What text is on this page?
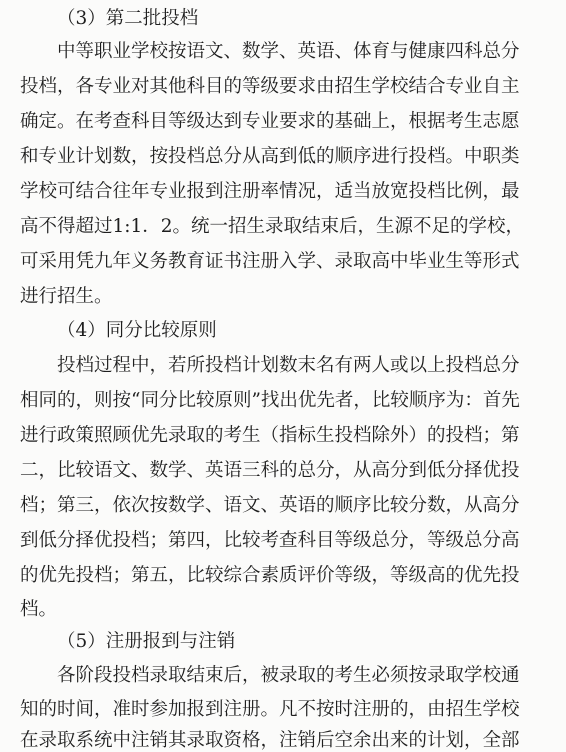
（3）第二批投档
中等职业学校按语文、数学、英语、体育与健康四科总分
投档，各专业对其他科目的等级要求由招生学校结合专业自主
确定。在考查科目等级达到专业要求的基础上，根据考生志愿
和专业计划数，按投档总分从高到低的顺序进行投档。中职类
学校可结合往年专业报到注册率情况，适当放宽投档比例，最
高不得超过1:1．2。统一招生录取结束后，生源不足的学校，
可采用凭九年义务教育证书注册入学、录取高中毕业生等形式
进行招生。
（4）同分比较原则
投档过程中，若所投档计划数末名有两人或以上投档总分
相同的，则按“同分比较原则”找出优先者，比较顺序为：首先
进行政策照顾优先录取的考生（指标生投档除外）的投档；第
二，比较语文、数学、英语三科的总分，从高分到低分择优投
档；第三，依次按数学、语文、英语的顺序比较分数，从高分
到低分择优投档；第四，比较考查科目等级总分，等级总分高
的优先投档；第五，比较综合素质评价等级，等级高的优先投
档。
（5）注册报到与注销
各阶段投档录取结束后，被录取的考生必须按录取学校通
知的时间，准时参加报到注册。凡不按时注册的，由招生学校
在录取系统中注销其录取资格，注销后空余出来的计划，全部
